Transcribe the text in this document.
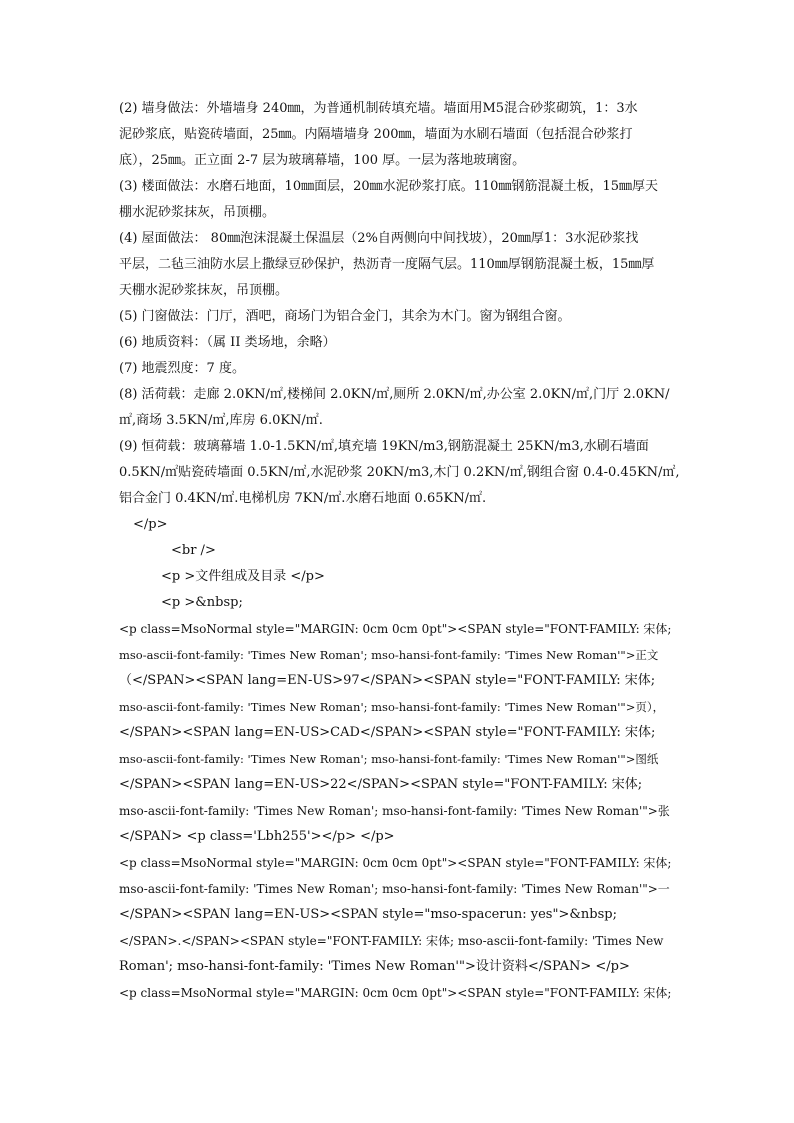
(2) 墙身做法：外墙墙身 240㎜，为普通机制砖填充墙。墙面用M5混合砂浆砌筑，1：3水
泥砂浆底，贴瓷砖墙面，25㎜。内隔墙墙身 200㎜，墙面为水刷石墙面（包括混合砂浆打
底），25㎜。正立面 2-7 层为玻璃幕墙，100 厚。一层为落地玻璃窗。
(3) 楼面做法：水磨石地面，10㎜面层，20㎜水泥砂浆打底。110㎜钢筋混凝土板，15㎜厚天
棚水泥砂浆抹灰，吊顶棚。
(4) 屋面做法： 80㎜泡沫混凝土保温层（2%自两侧向中间找坡），20㎜厚1：3水泥砂浆找
平层，二毡三油防水层上撒绿豆砂保护，热沥青一度隔气层。110㎜厚钢筋混凝土板，15㎜厚
天棚水泥砂浆抹灰，吊顶棚。
(5) 门窗做法：门厅，酒吧，商场门为铝合金门，其余为木门。窗为钢组合窗。
(6) 地质资料：（属 II 类场地，余略）
(7) 地震烈度：7 度。
(8) 活荷载：走廊 2.0KN/㎡,楼梯间 2.0KN/㎡,厕所 2.0KN/㎡,办公室 2.0KN/㎡,门厅 2.0KN/
㎡,商场 3.5KN/㎡,库房 6.0KN/㎡.
(9) 恒荷载：玻璃幕墙 1.0-1.5KN/㎡,填充墙 19KN/m3,钢筋混凝土 25KN/m3,水刷石墙面
0.5KN/㎡贴瓷砖墙面 0.5KN/㎡,水泥砂浆 20KN/m3,木门 0.2KN/㎡,钢组合窗 0.4-0.45KN/㎡,
铝合金门 0.4KN/㎡.电梯机房 7KN/㎡.水磨石地面 0.65KN/㎡.
</p>
<br />
<p >文件组成及目录 </p>
<p >&nbsp;
<p class=MsoNormal style="MARGIN: 0cm 0cm 0pt"><SPAN style="FONT-FAMILY: 宋体;
mso-ascii-font-family: 'Times New Roman'; mso-hansi-font-family: 'Times New Roman'">正文
（</SPAN><SPAN lang=EN-US>97</SPAN><SPAN style="FONT-FAMILY: 宋体;
mso-ascii-font-family: 'Times New Roman'; mso-hansi-font-family: 'Times New Roman'">页），
</SPAN><SPAN lang=EN-US>CAD</SPAN><SPAN style="FONT-FAMILY: 宋体;
mso-ascii-font-family: 'Times New Roman'; mso-hansi-font-family: 'Times New Roman'">图纸
</SPAN><SPAN lang=EN-US>22</SPAN><SPAN style="FONT-FAMILY: 宋体;
mso-ascii-font-family: 'Times New Roman'; mso-hansi-font-family: 'Times New Roman'">张
</SPAN> <p class='Lbh255'></p> </p>
<p class=MsoNormal style="MARGIN: 0cm 0cm 0pt"><SPAN style="FONT-FAMILY: 宋体;
mso-ascii-font-family: 'Times New Roman'; mso-hansi-font-family: 'Times New Roman'">一
</SPAN><SPAN lang=EN-US><SPAN style="mso-spacerun: yes">&nbsp;
</SPAN>.</SPAN><SPAN style="FONT-FAMILY: 宋体; mso-ascii-font-family: 'Times New
Roman'; mso-hansi-font-family: 'Times New Roman'">设计资料</SPAN> </p>
<p class=MsoNormal style="MARGIN: 0cm 0cm 0pt"><SPAN style="FONT-FAMILY: 宋体;
